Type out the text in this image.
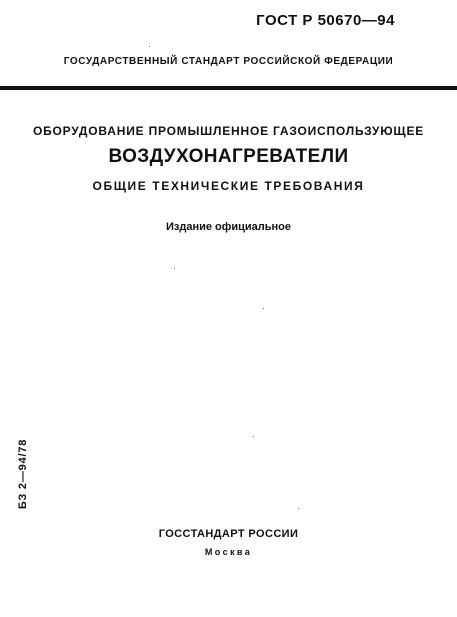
ГОСТ Р 50670—94
ГОСУДАРСТВЕННЫЙ СТАНДАРТ РОССИЙСКОЙ ФЕДЕРАЦИИ
ОБОРУДОВАНИЕ ПРОМЫШЛЕННОЕ ГАЗОИСПОЛЬЗУЮЩЕЕ
ВОЗДУХОНАГРЕВАТЕЛИ
ОБЩИЕ ТЕХНИЧЕСКИЕ ТРЕБОВАНИЯ
Издание официальное
БЗ 2—94/78
ГОССТАНДАРТ РОССИИ
Москва
